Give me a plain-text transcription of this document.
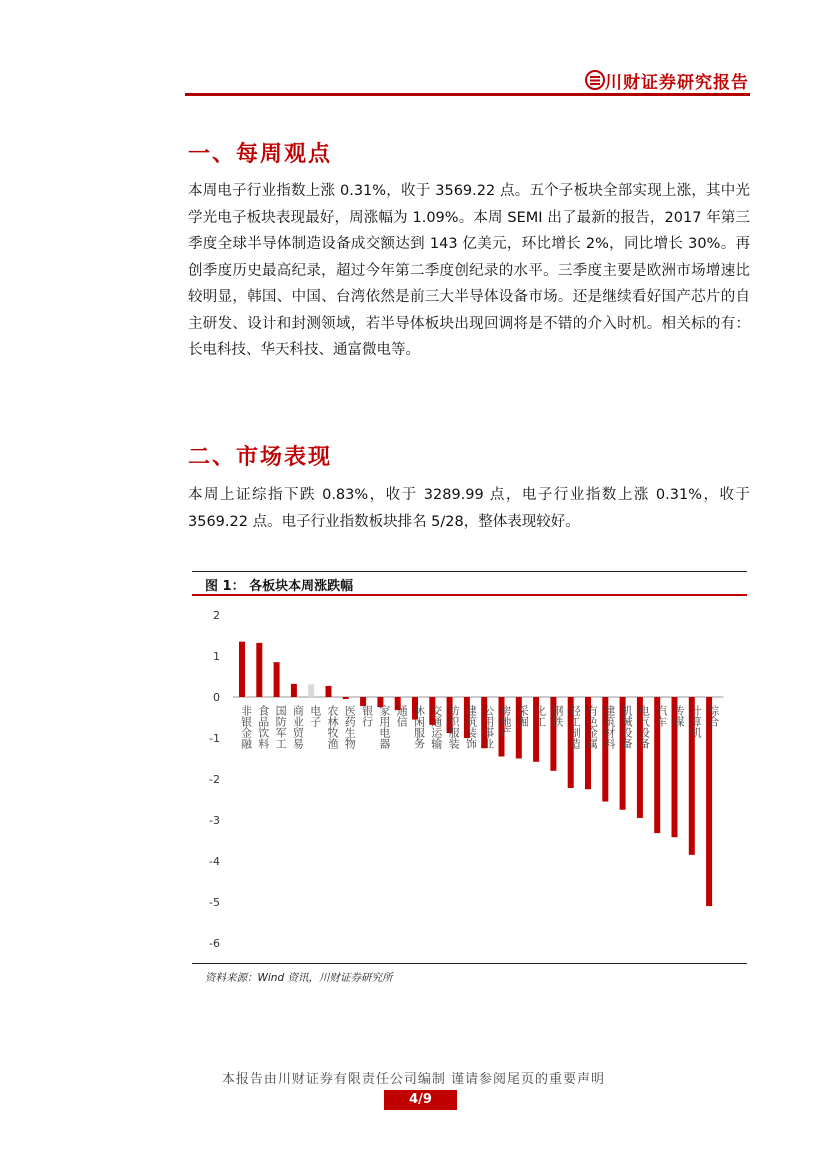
川财证券研究报告
一、每周观点
本周电子行业指数上涨 0.31%，收于 3569.22 点。五个子板块全部实现上涨，其中光学光电子板块表现最好，周涨幅为 1.09%。本周 SEMI 出了最新的报告，2017 年第三季度全球半导体制造设备成交额达到 143 亿美元，环比增长 2%，同比增长 30%。再创季度历史最高纪录，超过今年第二季度创纪录的水平。三季度主要是欧洲市场增速比较明显，韩国、中国、台湾依然是前三大半导体设备市场。还是继续看好国产芯片的自主研发、设计和封测领域，若半导体板块出现回调将是不错的介入时机。相关标的有：长电科技、华天科技、通富微电等。
二、市场表现
本周上证综指下跌 0.83%，收于 3289.99 点，电子行业指数上涨 0.31%，收于 3569.22 点。电子行业指数板块排名 5/28，整体表现较好。
图 1： 各板块本周涨跌幅
2
1
0
-1
-2
-3
-4
-5
-6
非银金融 食品饮料 国防军工 商业贸易 电子 农林牧渔 医药生物 银行 家用电器 通信 休闲服务 交通运输 纺织服装 建筑装饰 公用事业 房地产 采掘 化工 钢铁 轻工制造 有色金属 建筑材料 机械设备 电气设备 汽车 传媒 计算机 综合
资料来源：Wind 资讯，川财证券研究所
本报告由川财证券有限责任公司编制 谨请参阅尾页的重要声明
4/9
